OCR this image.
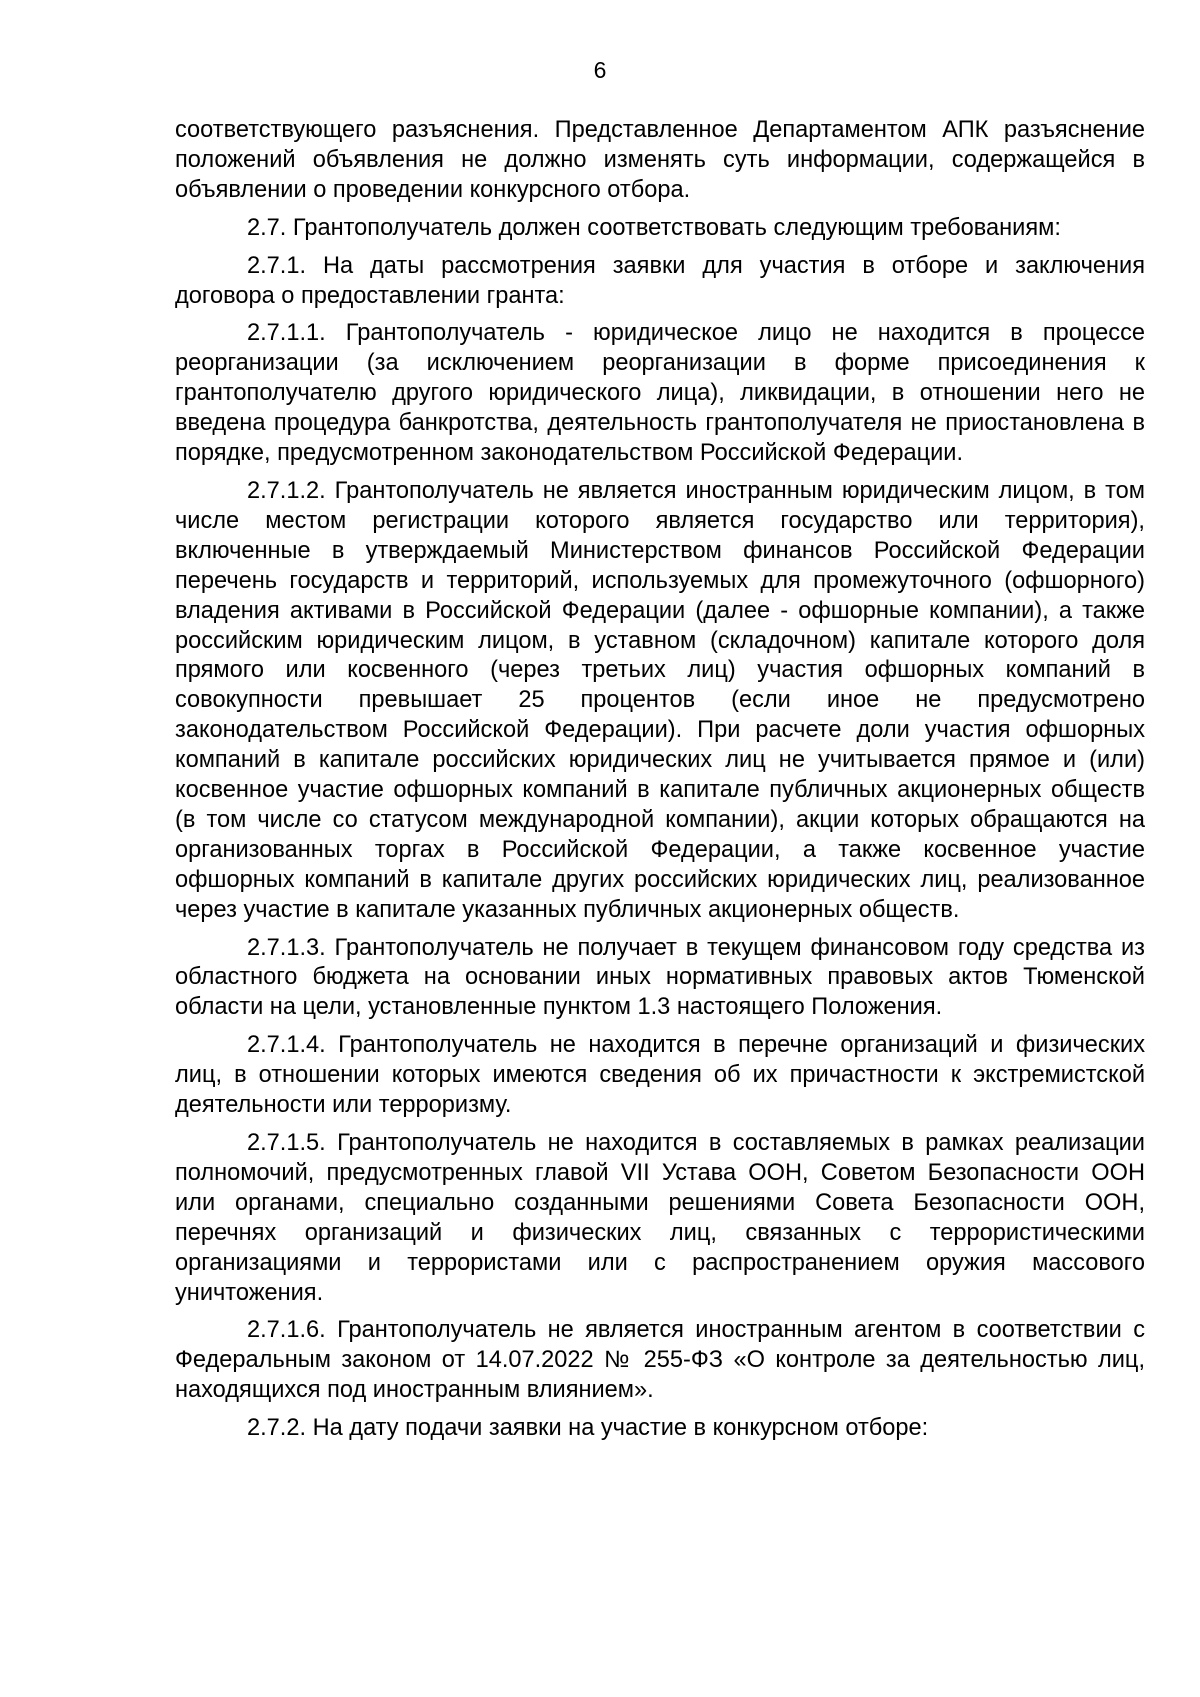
6

соответствующего разъяснения. Представленное Департаментом АПК разъяснение положений объявления не должно изменять суть информации, содержащейся в объявлении о проведении конкурсного отбора.

2.7. Грантополучатель должен соответствовать следующим требованиям:

2.7.1. На даты рассмотрения заявки для участия в отборе и заключения договора о предоставлении гранта:

2.7.1.1. Грантополучатель - юридическое лицо не находится в процессе реорганизации (за исключением реорганизации в форме присоединения к грантополучателю другого юридического лица), ликвидации, в отношении него не введена процедура банкротства, деятельность грантополучателя не приостановлена в порядке, предусмотренном законодательством Российской Федерации.

2.7.1.2. Грантополучатель не является иностранным юридическим лицом, в том числе местом регистрации которого является государство или территория), включенные в утверждаемый Министерством финансов Российской Федерации перечень государств и территорий, используемых для промежуточного (офшорного) владения активами в Российской Федерации (далее - офшорные компании), а также российским юридическим лицом, в уставном (складочном) капитале которого доля прямого или косвенного (через третьих лиц) участия офшорных компаний в совокупности превышает 25 процентов (если иное не предусмотрено законодательством Российской Федерации). При расчете доли участия офшорных компаний в капитале российских юридических лиц не учитывается прямое и (или) косвенное участие офшорных компаний в капитале публичных акционерных обществ (в том числе со статусом международной компании), акции которых обращаются на организованных торгах в Российской Федерации, а также косвенное участие офшорных компаний в капитале других российских юридических лиц, реализованное через участие в капитале указанных публичных акционерных обществ.

2.7.1.3. Грантополучатель не получает в текущем финансовом году средства из областного бюджета на основании иных нормативных правовых актов Тюменской области на цели, установленные пунктом 1.3 настоящего Положения.

2.7.1.4. Грантополучатель не находится в перечне организаций и физических лиц, в отношении которых имеются сведения об их причастности к экстремистской деятельности или терроризму.

2.7.1.5. Грантополучатель не находится в составляемых в рамках реализации полномочий, предусмотренных главой VII Устава ООН, Советом Безопасности ООН или органами, специально созданными решениями Совета Безопасности ООН, перечнях организаций и физических лиц, связанных с террористическими организациями и террористами или с распространением оружия массового уничтожения.

2.7.1.6. Грантополучатель не является иностранным агентом в соответствии с Федеральным законом от 14.07.2022 № 255-ФЗ «О контроле за деятельностью лиц, находящихся под иностранным влиянием».

2.7.2. На дату подачи заявки на участие в конкурсном отборе:
